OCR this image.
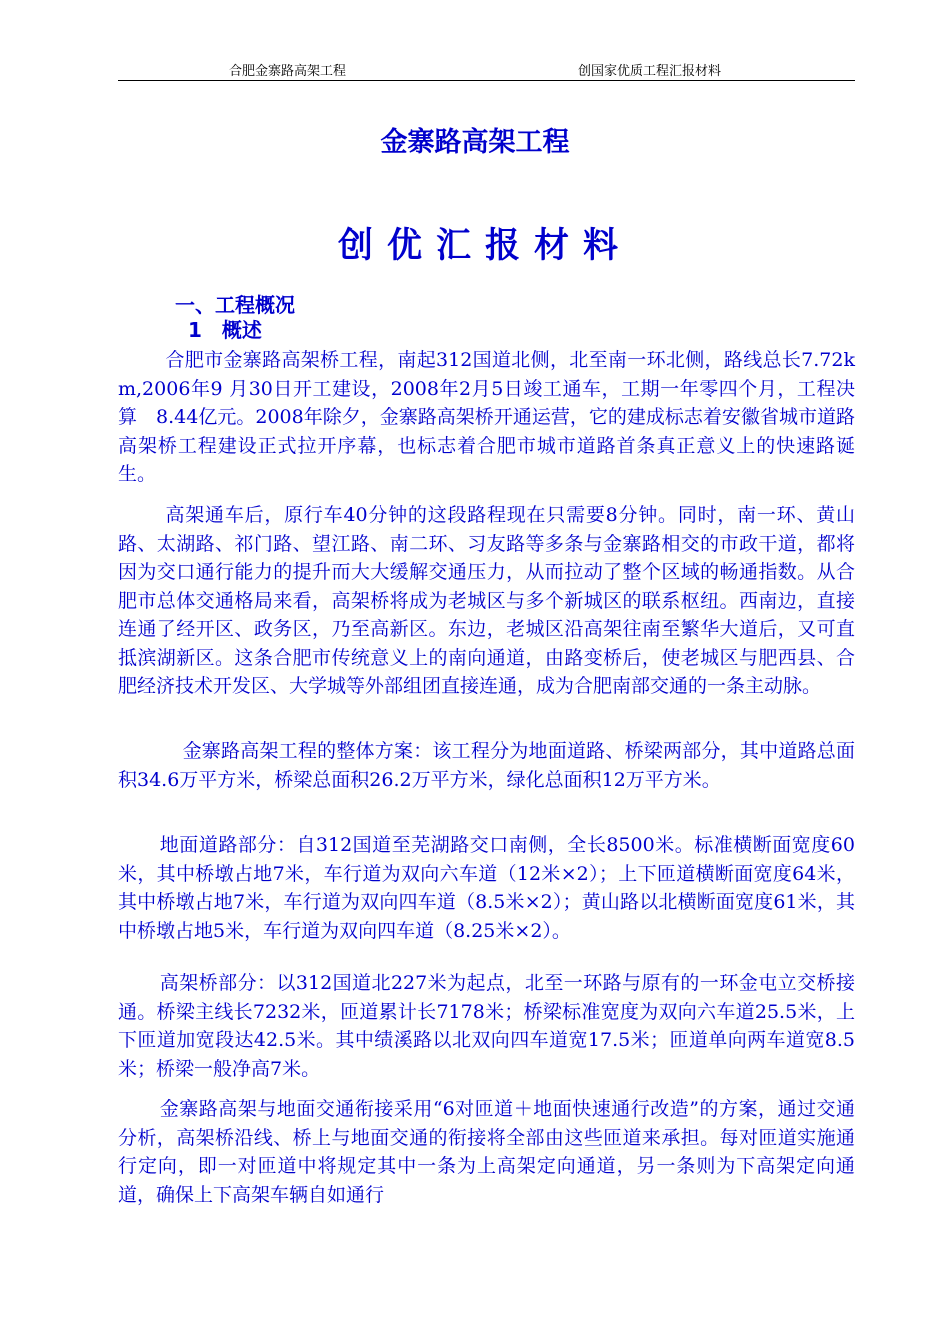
合肥金寨路高架工程	创国家优质工程汇报材料
金寨路高架工程
创优汇报材料
一、工程概况
1　概述

合肥市金寨路高架桥工程，南起312国道北侧，北至南一环北侧，路线总长7.72km,2006年9 月30日开工建设，2008年2月5日竣工通车，工期一年零四个月，工程决算　8.44亿元。2008年除夕，金寨路高架桥开通运营，它的建成标志着安徽省城市道路高架桥工程建设正式拉开序幕，也标志着合肥市城市道路首条真正意义上的快速路诞生。

高架通车后，原行车40分钟的这段路程现在只需要8分钟。同时，南一环、黄山路、太湖路、祁门路、望江路、南二环、习友路等多条与金寨路相交的市政干道，都将因为交口通行能力的提升而大大缓解交通压力，从而拉动了整个区域的畅通指数。从合肥市总体交通格局来看，高架桥将成为老城区与多个新城区的联系枢纽。西南边，直接连通了经开区、政务区，乃至高新区。东边，老城区沿高架往南至繁华大道后，又可直抵滨湖新区。这条合肥市传统意义上的南向通道，由路变桥后，使老城区与肥西县、合肥经济技术开发区、大学城等外部组团直接连通，成为合肥南部交通的一条主动脉。

金寨路高架工程的整体方案：该工程分为地面道路、桥梁两部分，其中道路总面积34.6万平方米，桥梁总面积26.2万平方米，绿化总面积12万平方米。

地面道路部分：自312国道至芜湖路交口南侧，全长8500米。标准横断面宽度60米，其中桥墩占地7米，车行道为双向六车道（12米×2）；上下匝道横断面宽度64米，其中桥墩占地7米，车行道为双向四车道（8.5米×2）；黄山路以北横断面宽度61米，其中桥墩占地5米，车行道为双向四车道（8.25米×2）。

高架桥部分：以312国道北227米为起点，北至一环路与原有的一环金屯立交桥接通。桥梁主线长7232米，匝道累计长7178米；桥梁标准宽度为双向六车道25.5米，上下匝道加宽段达42.5米。其中绩溪路以北双向四车道宽17.5米；匝道单向两车道宽8.5米；桥梁一般净高7米。

金寨路高架与地面交通衔接采用“6对匝道＋地面快速通行改造”的方案，通过交通分析，高架桥沿线、桥上与地面交通的衔接将全部由这些匝道来承担。每对匝道实施通行定向，即一对匝道中将规定其中一条为上高架定向通道，另一条则为下高架定向通道，确保上下高架车辆自如通行
